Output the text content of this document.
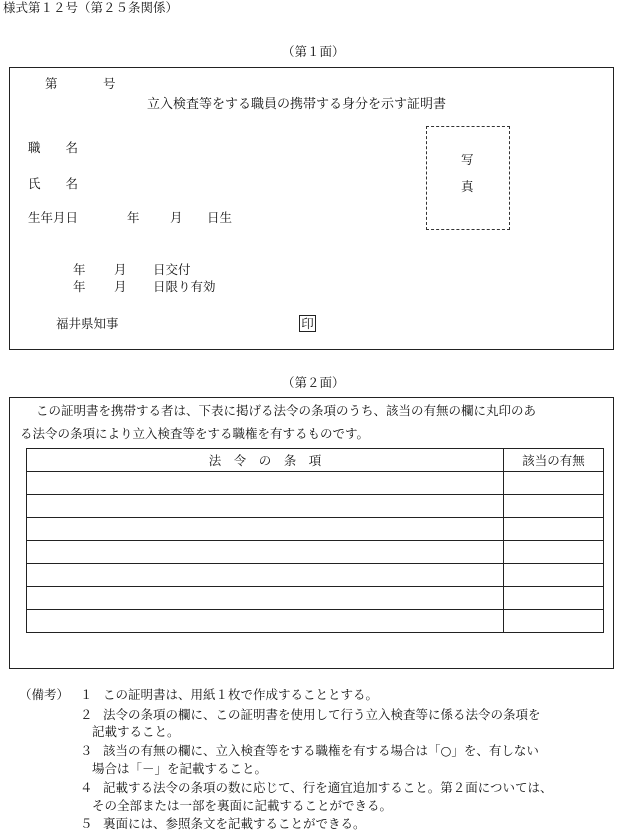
様式第１２号（第２５条関係）
（第１面）
第	号
立入検査等をする職員の携帯する身分を示す証明書
職　　名
氏　　名
生年月日	年 月 日生
年 月 日交付
年 月 日限り有効
福井県知事	印
写
真
（第２面）
この証明書を携帯する者は、下表に掲げる法令の条項のうち、該当の有無の欄に丸印のあ
る法令の条項により立入検査等をする職権を有するものです。
法　令　の　条　項	該当の有無

（備考） １ この証明書は、用紙１枚で作成することとする。
２ 法令の条項の欄に、この証明書を使用して行う立入検査等に係る法令の条項を
記載すること。
３ 該当の有無の欄に、立入検査等をする職権を有する場合は「○」を、有しない
場合は「－」を記載すること。
４ 記載する法令の条項の数に応じて、行を適宜追加すること。第２面については、
その全部または一部を裏面に記載することができる。
５ 裏面には、参照条文を記載することができる。
